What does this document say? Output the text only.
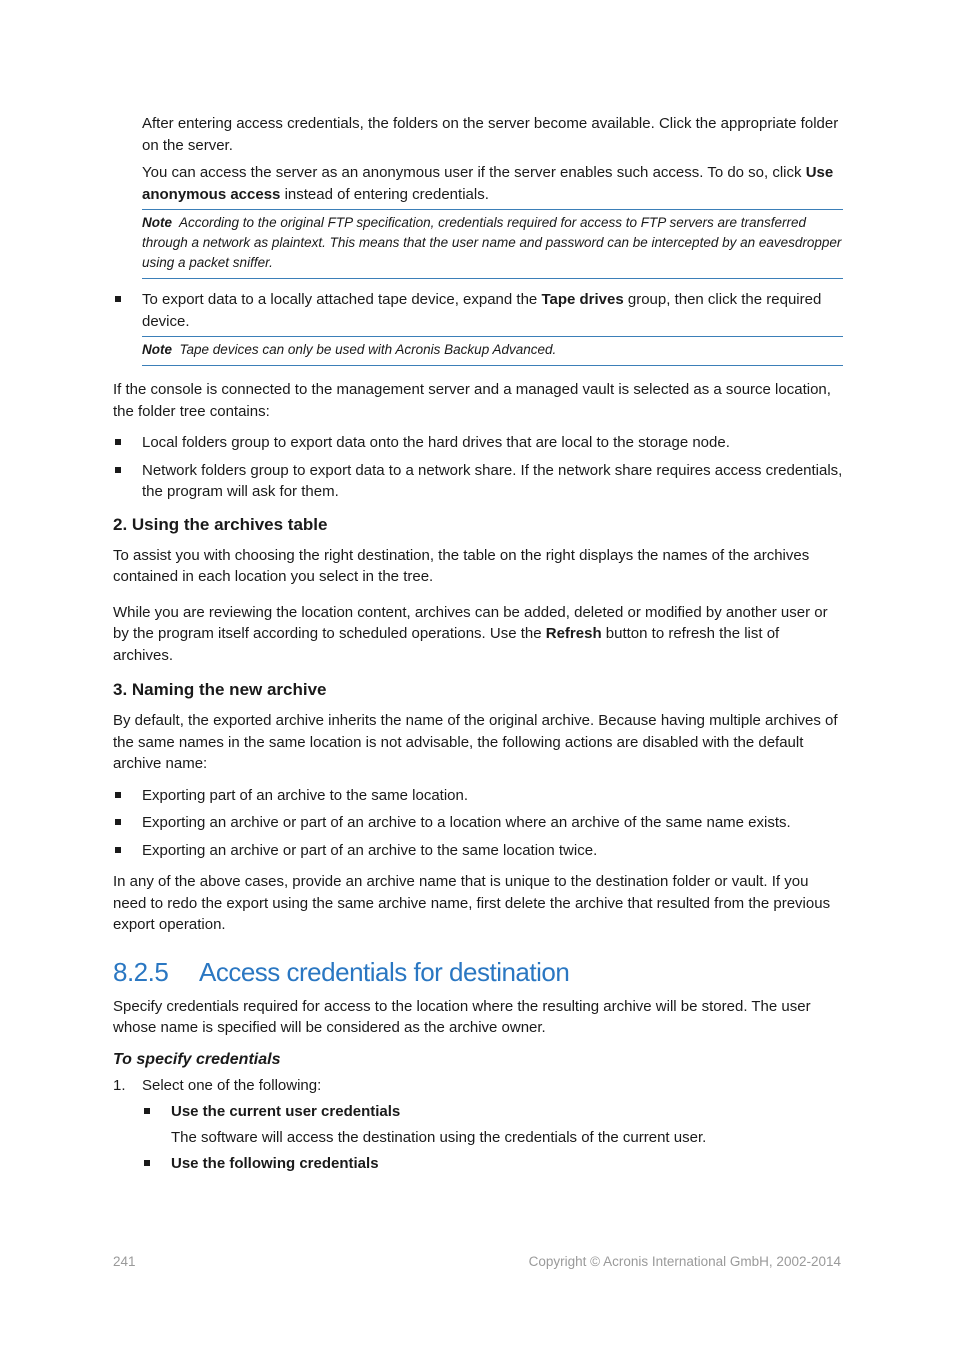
After entering access credentials, the folders on the server become available. Click the appropriate folder on the server.

You can access the server as an anonymous user if the server enables such access. To do so, click Use anonymous access instead of entering credentials.

Note According to the original FTP specification, credentials required for access to FTP servers are transferred through a network as plaintext. This means that the user name and password can be intercepted by an eavesdropper using a packet sniffer.
To export data to a locally attached tape device, expand the Tape drives group, then click the required device.
Note Tape devices can only be used with Acronis Backup Advanced.

If the console is connected to the management server and a managed vault is selected as a source location, the folder tree contains:

Local folders group to export data onto the hard drives that are local to the storage node.
Network folders group to export data to a network share. If the network share requires access credentials, the program will ask for them.
2. Using the archives table

To assist you with choosing the right destination, the table on the right displays the names of the archives contained in each location you select in the tree.

While you are reviewing the location content, archives can be added, deleted or modified by another user or by the program itself according to scheduled operations. Use the Refresh button to refresh the list of archives.

3. Naming the new archive

By default, the exported archive inherits the name of the original archive. Because having multiple archives of the same names in the same location is not advisable, the following actions are disabled with the default archive name:

Exporting part of an archive to the same location.
Exporting an archive or part of an archive to a location where an archive of the same name exists.
Exporting an archive or part of an archive to the same location twice.

In any of the above cases, provide an archive name that is unique to the destination folder or vault. If you need to redo the export using the same archive name, first delete the archive that resulted from the previous export operation.

8.2.5 Access credentials for destination

Specify credentials required for access to the location where the resulting archive will be stored. The user whose name is specified will be considered as the archive owner.

To specify credentials
1. Select one of the following:
Use the current user credentials

The software will access the destination using the credentials of the current user.

Use the following credentials
241	Copyright © Acronis International GmbH, 2002-2014
